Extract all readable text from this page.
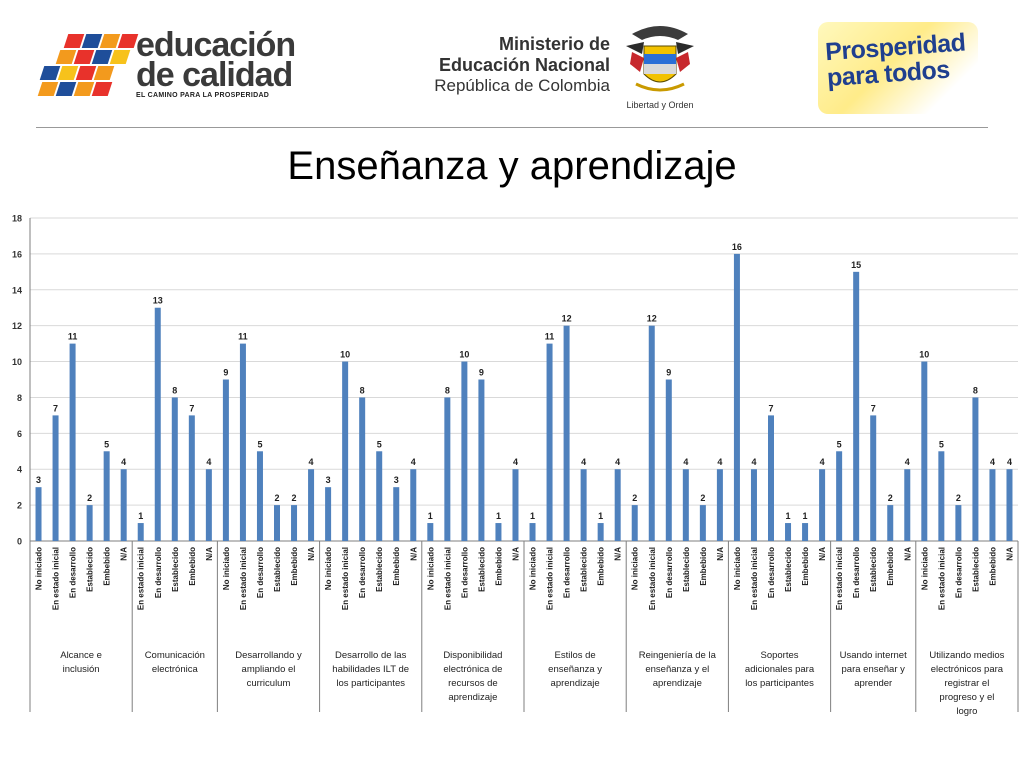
educación
de calidad
EL CAMINO PARA LA PROSPERIDAD
Ministerio de
Educación Nacional
República de Colombia
Libertad y Orden
Prosperidad
para todos
Enseñanza y aprendizaje
0
2
4
6
8
10
12
14
16
18
3
No iniciado
7
En estado inicial
11
En desarrollo
2
Establecido
5
Embebido
4
N/A
Alcance e inclusión
1
En estado inicial
13
En desarrollo
8
Establecido
7
Embebido
4
N/A
Comunicación electrónica
9
No iniciado
11
En estado inicial
5
En desarrollo
2
Establecido
2
Embebido
4
N/A
Desarrollando y ampliando el curriculum
3
No iniciado
10
En estado inicial
8
En desarrollo
5
Establecido
3
Embebido
4
N/A
Desarrollo de las habilidades ILT de los participantes
1
No iniciado
8
En estado inicial
10
En desarrollo
9
Establecido
1
Embebido
4
N/A
Disponibilidad electrónica de recursos de aprendizaje
1
No iniciado
11
En estado inicial
12
En desarrollo
4
Establecido
1
Embebido
4
N/A
Estilos de enseñanza y aprendizaje
2
No iniciado
12
En estado inicial
9
En desarrollo
4
Establecido
2
Embebido
4
N/A
Reingeniería de la enseñanza y el aprendizaje
16
No iniciado
4
En estado inicial
7
En desarrollo
1
Establecido
1
Embebido
4
N/A
Soportes adicionales para los participantes
5
En estado inicial
15
En desarrollo
7
Establecido
2
Embebido
4
N/A
Usando internet para enseñar y aprender
10
No iniciado
5
En estado inicial
2
En desarrollo
8
Establecido
4
Embebido
4
N/A
Utilizando medios electrónicos para registrar el progreso y el logro
